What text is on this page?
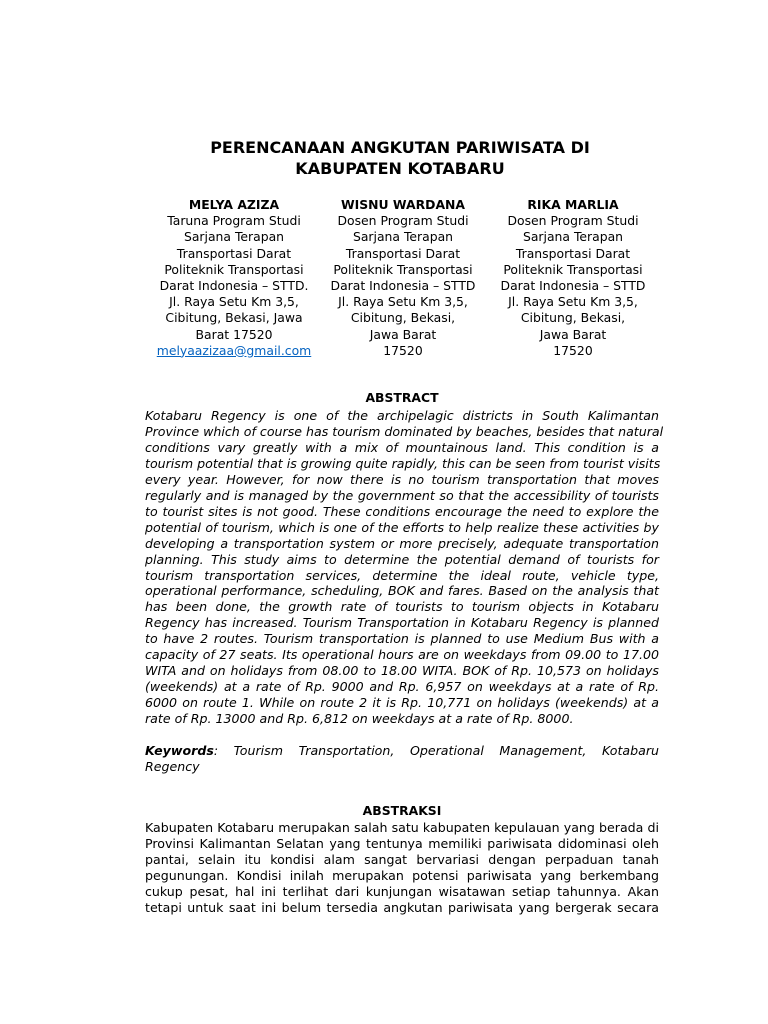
PERENCANAAN ANGKUTAN PARIWISATA DI
KABUPATEN KOTABARU
MELYA AZIZA
Taruna Program Studi
Sarjana Terapan
Transportasi Darat
Politeknik Transportasi
Darat Indonesia – STTD.
Jl. Raya Setu Km 3,5,
Cibitung, Bekasi, Jawa
Barat 17520
melyaazizaa@gmail.com
WISNU WARDANA
Dosen Program Studi
Sarjana Terapan
Transportasi Darat
Politeknik Transportasi
Darat Indonesia – STTD
Jl. Raya Setu Km 3,5,
Cibitung, Bekasi,
Jawa Barat
17520
RIKA MARLIA
Dosen Program Studi
Sarjana Terapan
Transportasi Darat
Politeknik Transportasi
Darat Indonesia – STTD
Jl. Raya Setu Km 3,5,
Cibitung, Bekasi,
Jawa Barat
17520
ABSTRACT
Kotabaru Regency is one of the archipelagic districts in South Kalimantan
Province which of course has tourism dominated by beaches, besides that natural
conditions vary greatly with a mix of mountainous land. This condition is a
tourism potential that is growing quite rapidly, this can be seen from tourist visits
every year. However, for now there is no tourism transportation that moves
regularly and is managed by the government so that the accessibility of tourists
to tourist sites is not good. These conditions encourage the need to explore the
potential of tourism, which is one of the efforts to help realize these activities by
developing a transportation system or more precisely, adequate transportation
planning. This study aims to determine the potential demand of tourists for
tourism transportation services, determine the ideal route, vehicle type,
operational performance, scheduling, BOK and fares. Based on the analysis that
has been done, the growth rate of tourists to tourism objects in Kotabaru
Regency has increased. Tourism Transportation in Kotabaru Regency is planned
to have 2 routes. Tourism transportation is planned to use Medium Bus with a
capacity of 27 seats. Its operational hours are on weekdays from 09.00 to 17.00
WITA and on holidays from 08.00 to 18.00 WITA. BOK of Rp. 10,573 on holidays
(weekends) at a rate of Rp. 9000 and Rp. 6,957 on weekdays at a rate of Rp.
6000 on route 1. While on route 2 it is Rp. 10,771 on holidays (weekends) at a
rate of Rp. 13000 and Rp. 6,812 on weekdays at a rate of Rp. 8000.
Keywords: Tourism Transportation, Operational Management, Kotabaru
Regency
ABSTRAKSI
Kabupaten Kotabaru merupakan salah satu kabupaten kepulauan yang berada di
Provinsi Kalimantan Selatan yang tentunya memiliki pariwisata didominasi oleh
pantai, selain itu kondisi alam sangat bervariasi dengan perpaduan tanah
pegunungan. Kondisi inilah merupakan potensi pariwisata yang berkembang
cukup pesat, hal ini terlihat dari kunjungan wisatawan setiap tahunnya. Akan
tetapi untuk saat ini belum tersedia angkutan pariwisata yang bergerak secara
